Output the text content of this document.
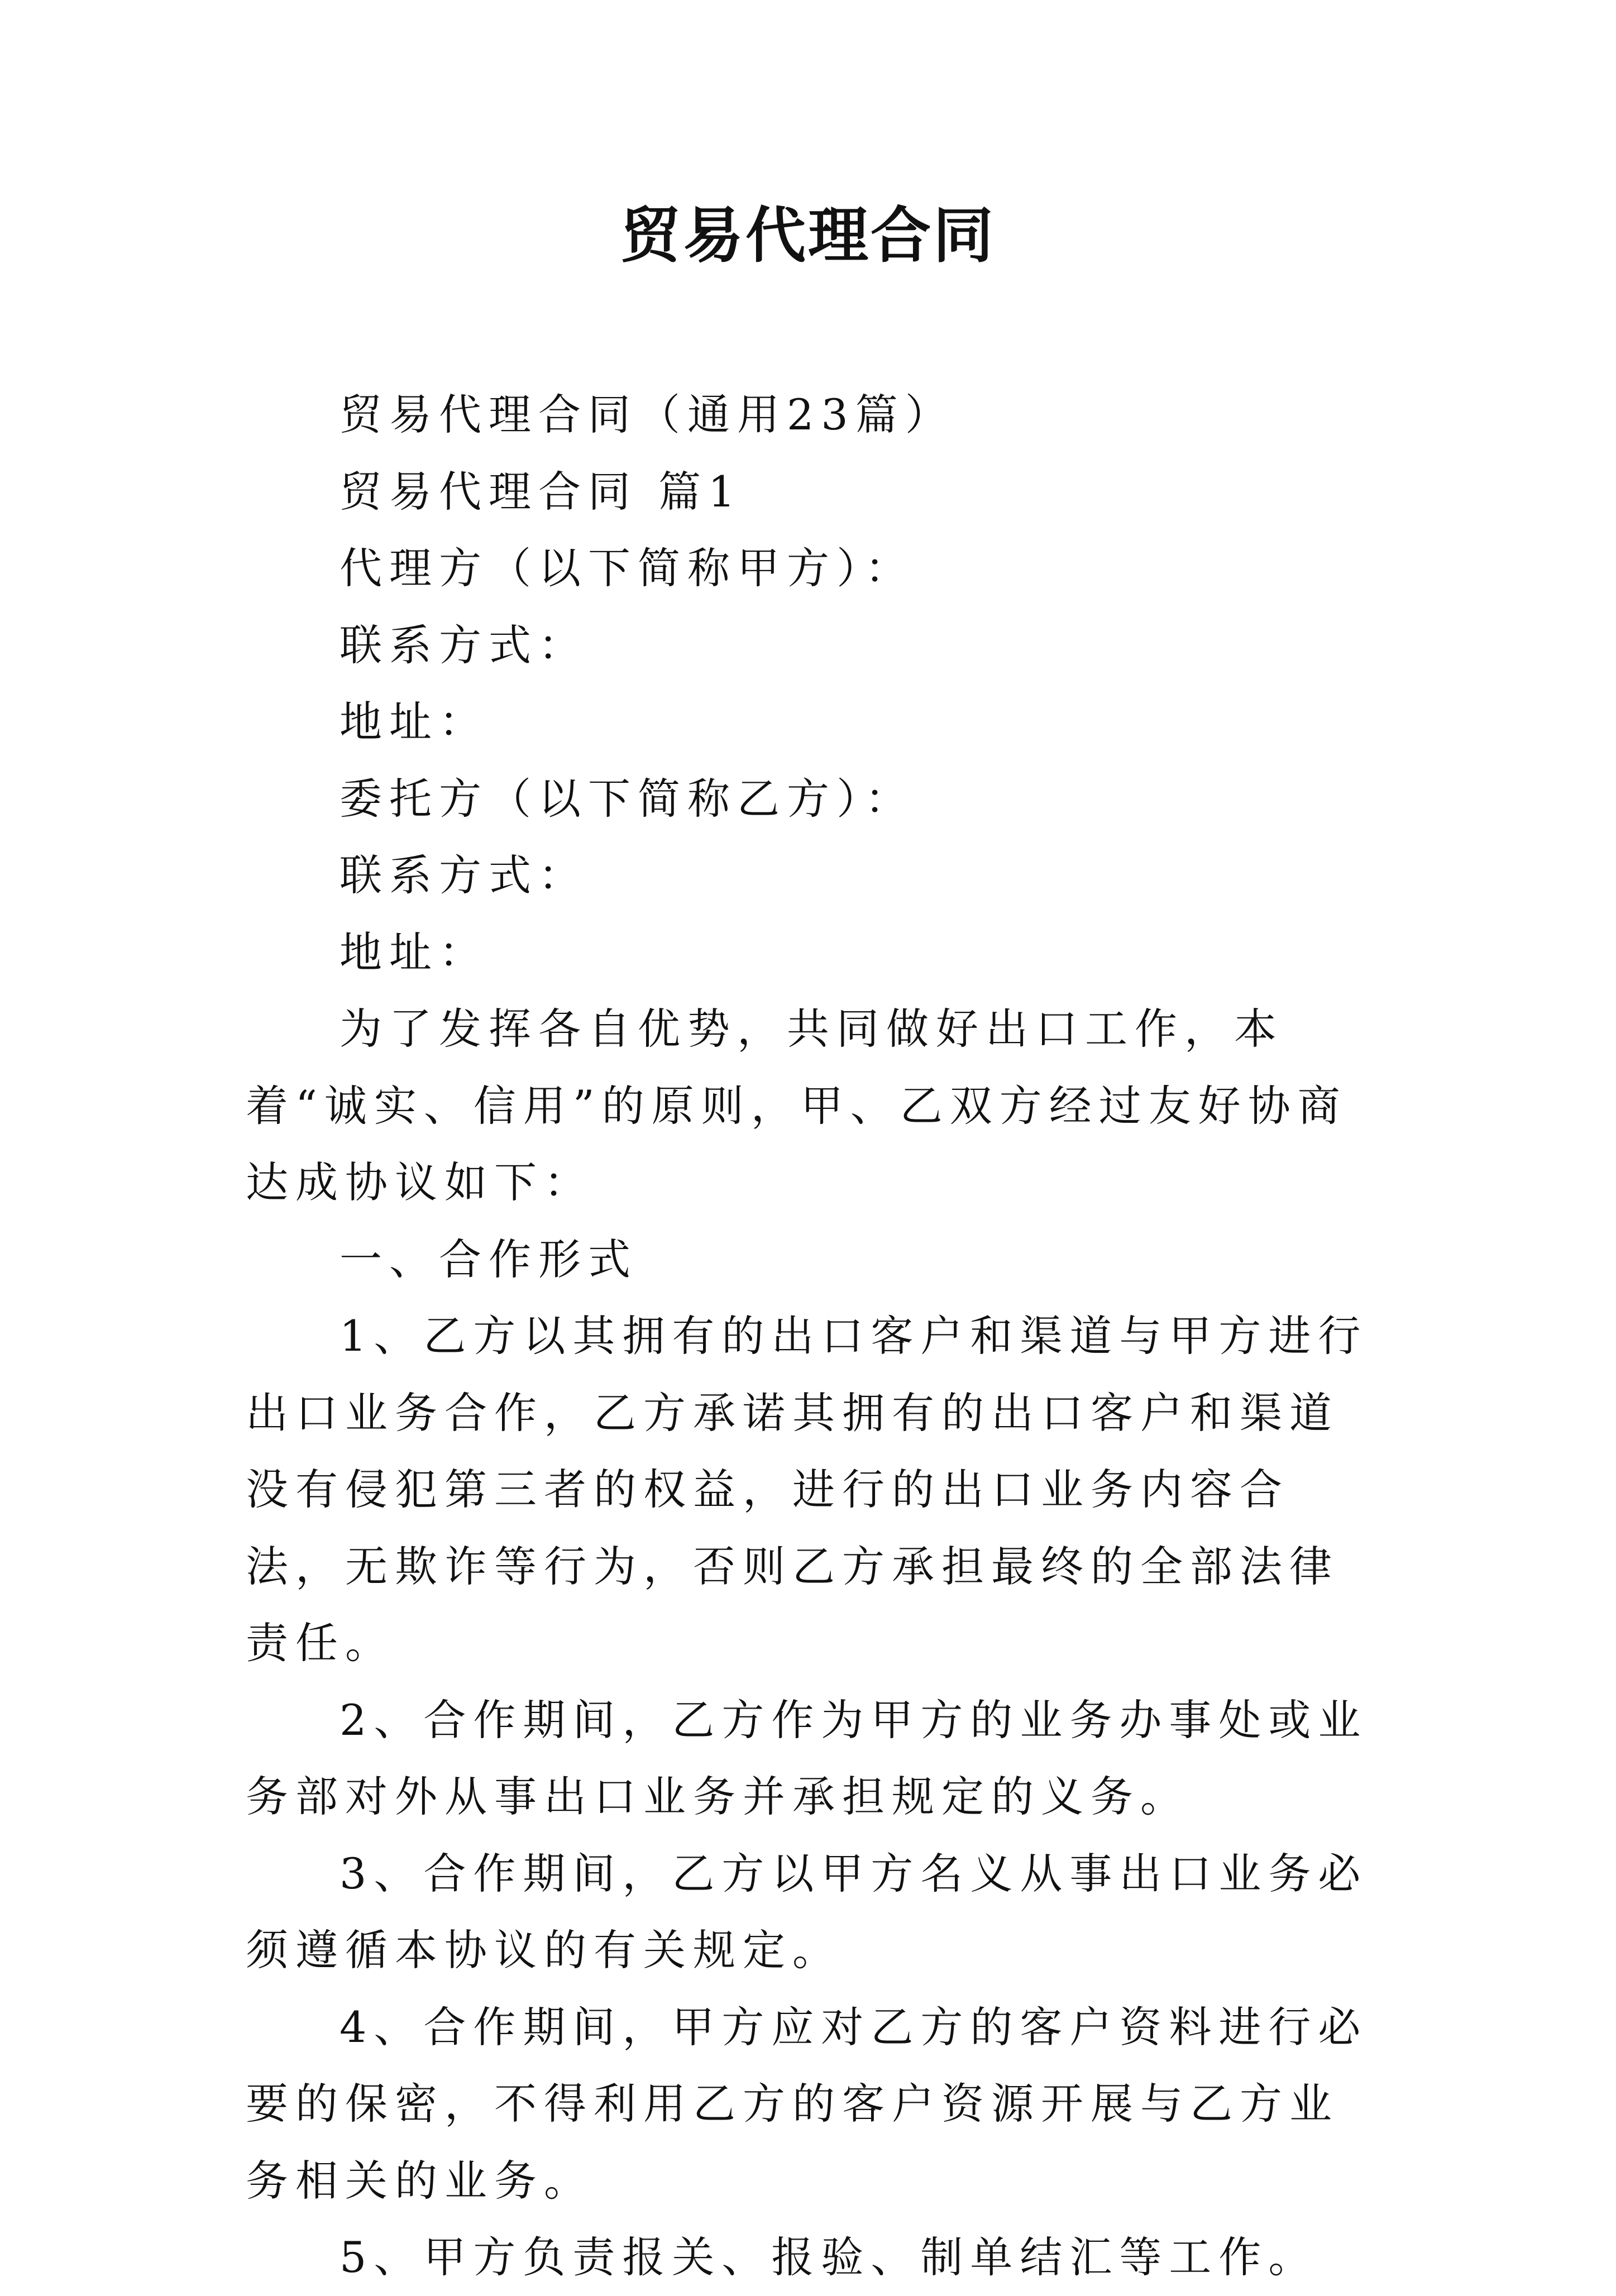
贸易代理合同

贸易代理合同（通用23篇）

贸易代理合同 篇1

代理方（以下简称甲方）：

联系方式：

地址：

委托方（以下简称乙方）：

联系方式：

地址：

为了发挥各自优势，共同做好出口工作，本着“诚实、信用”的原则，甲、乙双方经过友好协商达成协议如下：

一、合作形式

1、乙方以其拥有的出口客户和渠道与甲方进行出口业务合作，乙方承诺其拥有的出口客户和渠道没有侵犯第三者的权益，进行的出口业务内容合法，无欺诈等行为，否则乙方承担最终的全部法律责任。

2、合作期间，乙方作为甲方的业务办事处或业务部对外从事出口业务并承担规定的义务。

3、合作期间，乙方以甲方名义从事出口业务必须遵循本协议的有关规定。

4、合作期间，甲方应对乙方的客户资料进行必要的保密，不得利用乙方的客户资源开展与乙方业务相关的业务。

5、甲方负责报关、报验、制单结汇等工作。
